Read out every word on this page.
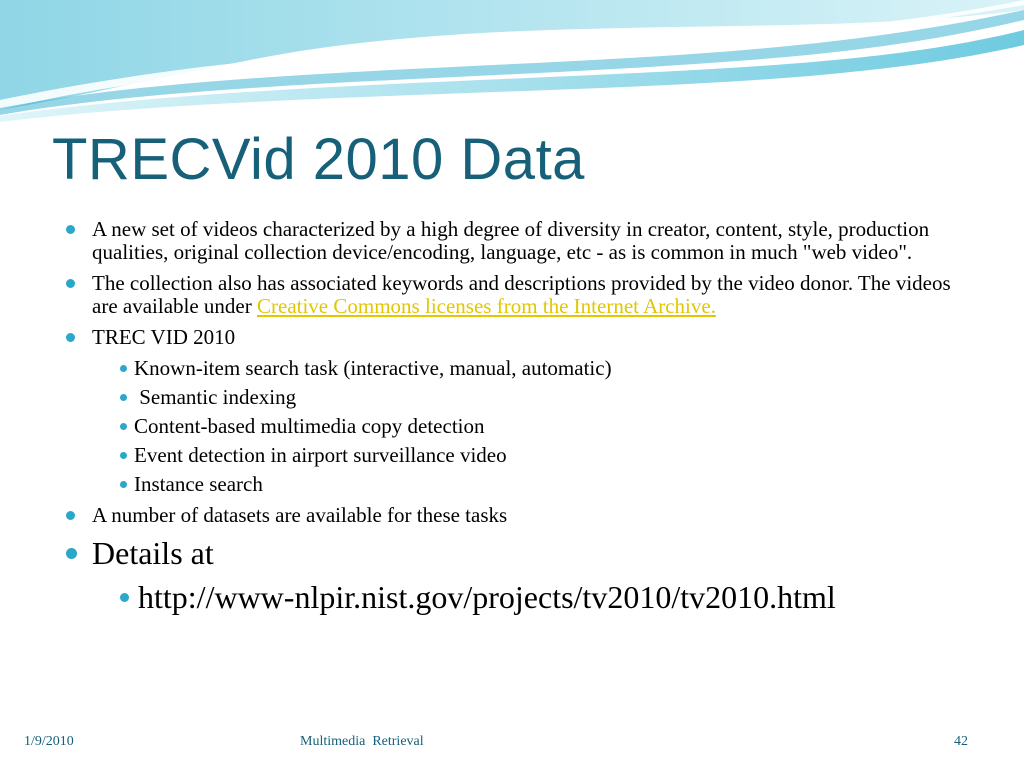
TRECVid 2010 Data
A new set of videos characterized by a high degree of diversity in creator, content, style, production qualities, original collection device/encoding, language, etc - as is common in much "web video".
The collection also has associated keywords and descriptions provided by the video donor. The videos are available under Creative Commons licenses from the Internet Archive.
TREC VID 2010
Known-item search task (interactive, manual, automatic)
Semantic indexing
Content-based multimedia copy detection
Event detection in airport surveillance video
Instance search
A number of datasets are available for these tasks
Details at
http://www-nlpir.nist.gov/projects/tv2010/tv2010.html
1/9/2010	Multimedia  Retrieval	42
